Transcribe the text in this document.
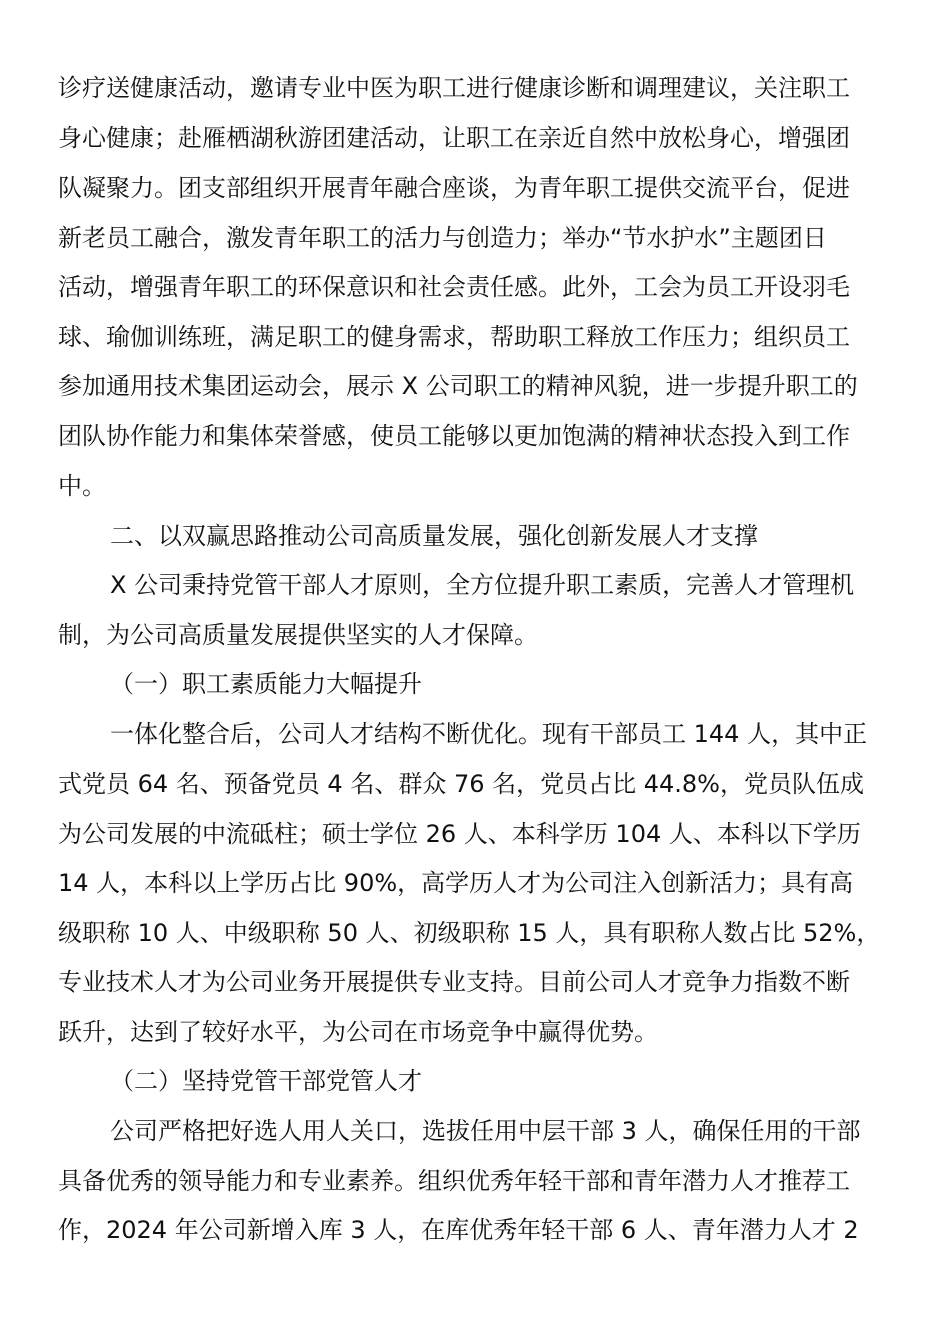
诊疗送健康活动，邀请专业中医为职工进行健康诊断和调理建议，关注职工
身心健康；赴雁栖湖秋游团建活动，让职工在亲近自然中放松身心，增强团
队凝聚力。团支部组织开展青年融合座谈，为青年职工提供交流平台，促进
新老员工融合，激发青年职工的活力与创造力；举办“节水护水”主题团日
活动，增强青年职工的环保意识和社会责任感。此外，工会为员工开设羽毛
球、瑜伽训练班，满足职工的健身需求，帮助职工释放工作压力；组织员工
参加通用技术集团运动会，展示 X 公司职工的精神风貌，进一步提升职工的
团队协作能力和集体荣誉感，使员工能够以更加饱满的精神状态投入到工作
中。
二、以双赢思路推动公司高质量发展，强化创新发展人才支撑
X 公司秉持党管干部人才原则，全方位提升职工素质，完善人才管理机
制，为公司高质量发展提供坚实的人才保障。
（一）职工素质能力大幅提升
一体化整合后，公司人才结构不断优化。现有干部员工 144 人，其中正
式党员 64 名、预备党员 4 名、群众 76 名，党员占比 44.8%，党员队伍成
为公司发展的中流砥柱；硕士学位 26 人、本科学历 104 人、本科以下学历
14 人，本科以上学历占比 90%，高学历人才为公司注入创新活力；具有高
级职称 10 人、中级职称 50 人、初级职称 15 人，具有职称人数占比 52%，
专业技术人才为公司业务开展提供专业支持。目前公司人才竞争力指数不断
跃升，达到了较好水平，为公司在市场竞争中赢得优势。
（二）坚持党管干部党管人才
公司严格把好选人用人关口，选拔任用中层干部 3 人，确保任用的干部
具备优秀的领导能力和专业素养。组织优秀年轻干部和青年潜力人才推荐工
作，2024 年公司新增入库 3 人，在库优秀年轻干部 6 人、青年潜力人才 2
